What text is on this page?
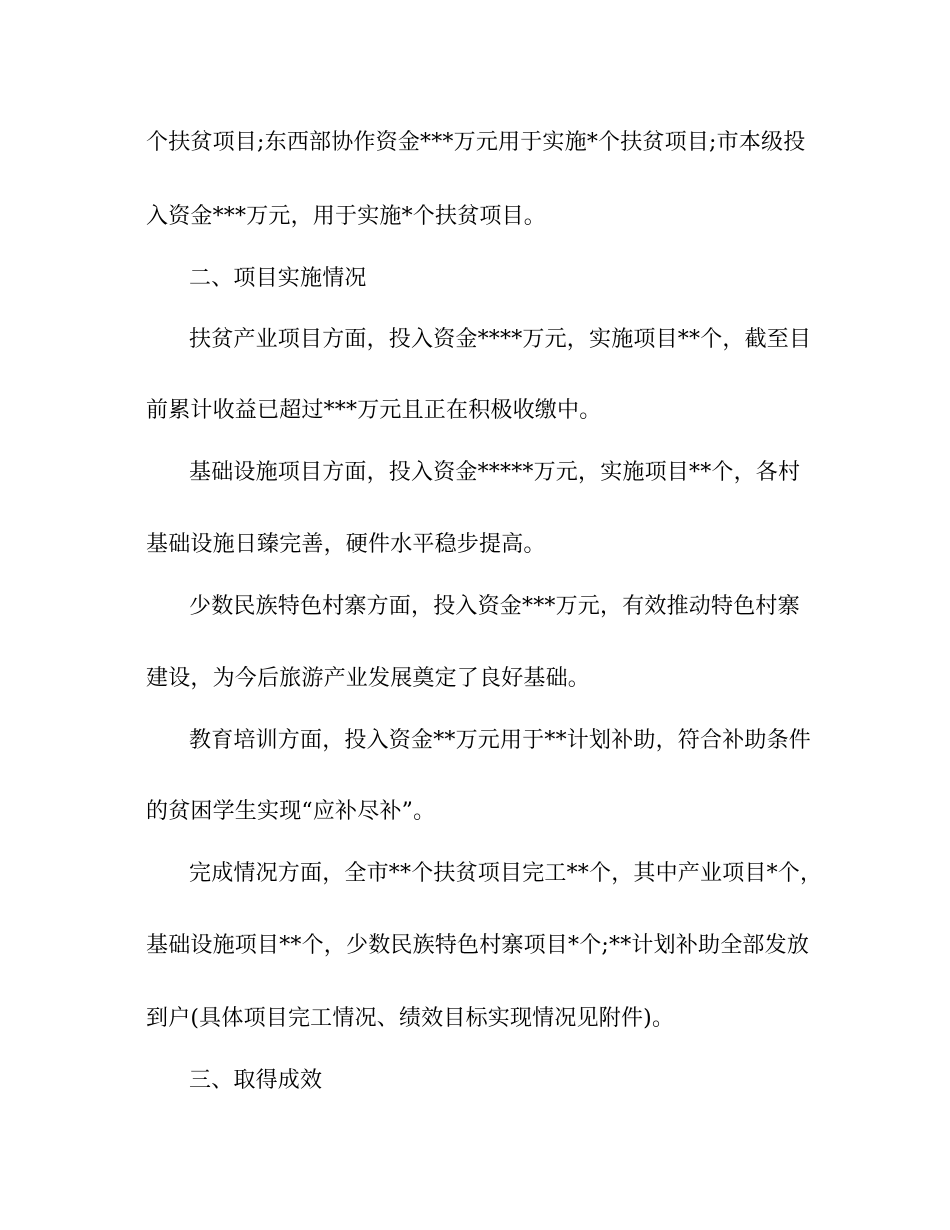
个扶贫项目;东西部协作资金***万元用于实施*个扶贫项目;市本级投
入资金***万元，用于实施*个扶贫项目。
二、项目实施情况
扶贫产业项目方面，投入资金****万元，实施项目**个，截至目
前累计收益已超过***万元且正在积极收缴中。
基础设施项目方面，投入资金*****万元，实施项目**个，各村
基础设施日臻完善，硬件水平稳步提高。
少数民族特色村寨方面，投入资金***万元，有效推动特色村寨
建设，为今后旅游产业发展奠定了良好基础。
教育培训方面，投入资金**万元用于**计划补助，符合补助条件
的贫困学生实现“应补尽补”。
完成情况方面，全市**个扶贫项目完工**个，其中产业项目*个，
基础设施项目**个，少数民族特色村寨项目*个;**计划补助全部发放
到户(具体项目完工情况、绩效目标实现情况见附件)。
三、取得成效
